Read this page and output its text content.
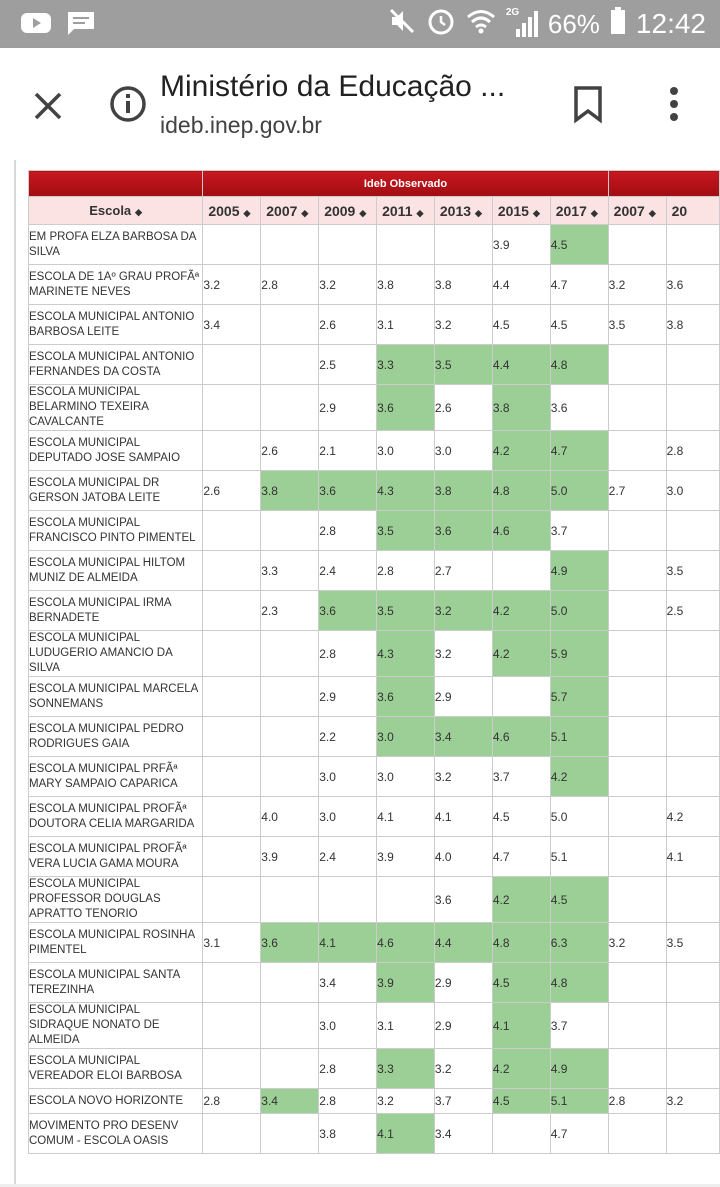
2G 66% 12:42
Ministério da Educação ...
ideb.inep.gov.br
	Ideb Observado								
Escola ◆	2005 ◆	2007 ◆	2009 ◆	2011 ◆	2013 ◆	2015 ◆	2017 ◆	2007 ◆	20
EM PROFA ELZA BARBOSA DA SILVA						3.9	4.5		
ESCOLA DE 1Aº GRAU PROFÃª MARINETE NEVES	3.2	2.8	3.2	3.8	3.8	4.4	4.7	3.2	3.6
ESCOLA MUNICIPAL ANTONIO BARBOSA LEITE	3.4		2.6	3.1	3.2	4.5	4.5	3.5	3.8
ESCOLA MUNICIPAL ANTONIO FERNANDES DA COSTA			2.5	3.3	3.5	4.4	4.8		
ESCOLA MUNICIPAL BELARMINO TEXEIRA CAVALCANTE			2.9	3.6	2.6	3.8	3.6		
ESCOLA MUNICIPAL DEPUTADO JOSE SAMPAIO		2.6	2.1	3.0	3.0	4.2	4.7		2.8
ESCOLA MUNICIPAL DR GERSON JATOBA LEITE	2.6	3.8	3.6	4.3	3.8	4.8	5.0	2.7	3.0
ESCOLA MUNICIPAL FRANCISCO PINTO PIMENTEL			2.8	3.5	3.6	4.6	3.7		
ESCOLA MUNICIPAL HILTOM MUNIZ DE ALMEIDA		3.3	2.4	2.8	2.7		4.9		3.5
ESCOLA MUNICIPAL IRMA BERNADETE		2.3	3.6	3.5	3.2	4.2	5.0		2.5
ESCOLA MUNICIPAL LUDUGERIO AMANCIO DA SILVA			2.8	4.3	3.2	4.2	5.9		
ESCOLA MUNICIPAL MARCELA SONNEMANS			2.9	3.6	2.9		5.7		
ESCOLA MUNICIPAL PEDRO RODRIGUES GAIA			2.2	3.0	3.4	4.6	5.1		
ESCOLA MUNICIPAL PRFÃª MARY SAMPAIO CAPARICA			3.0	3.0	3.2	3.7	4.2		
ESCOLA MUNICIPAL PROFÃª DOUTORA CELIA MARGARIDA		4.0	3.0	4.1	4.1	4.5	5.0		4.2
ESCOLA MUNICIPAL PROFÃª VERA LUCIA GAMA MOURA		3.9	2.4	3.9	4.0	4.7	5.1		4.1
ESCOLA MUNICIPAL PROFESSOR DOUGLAS APRATTO TENORIO					3.6	4.2	4.5		
ESCOLA MUNICIPAL ROSINHA PIMENTEL	3.1	3.6	4.1	4.6	4.4	4.8	6.3	3.2	3.5
ESCOLA MUNICIPAL SANTA TEREZINHA			3.4	3.9	2.9	4.5	4.8		
ESCOLA MUNICIPAL SIDRAQUE NONATO DE ALMEIDA			3.0	3.1	2.9	4.1	3.7		
ESCOLA MUNICIPAL VEREADOR ELOI BARBOSA			2.8	3.3	3.2	4.2	4.9		
ESCOLA NOVO HORIZONTE	2.8	3.4	2.8	3.2	3.7	4.5	5.1	2.8	3.2
MOVIMENTO PRO DESENV COMUM - ESCOLA OASIS			3.8	4.1	3.4		4.7		
